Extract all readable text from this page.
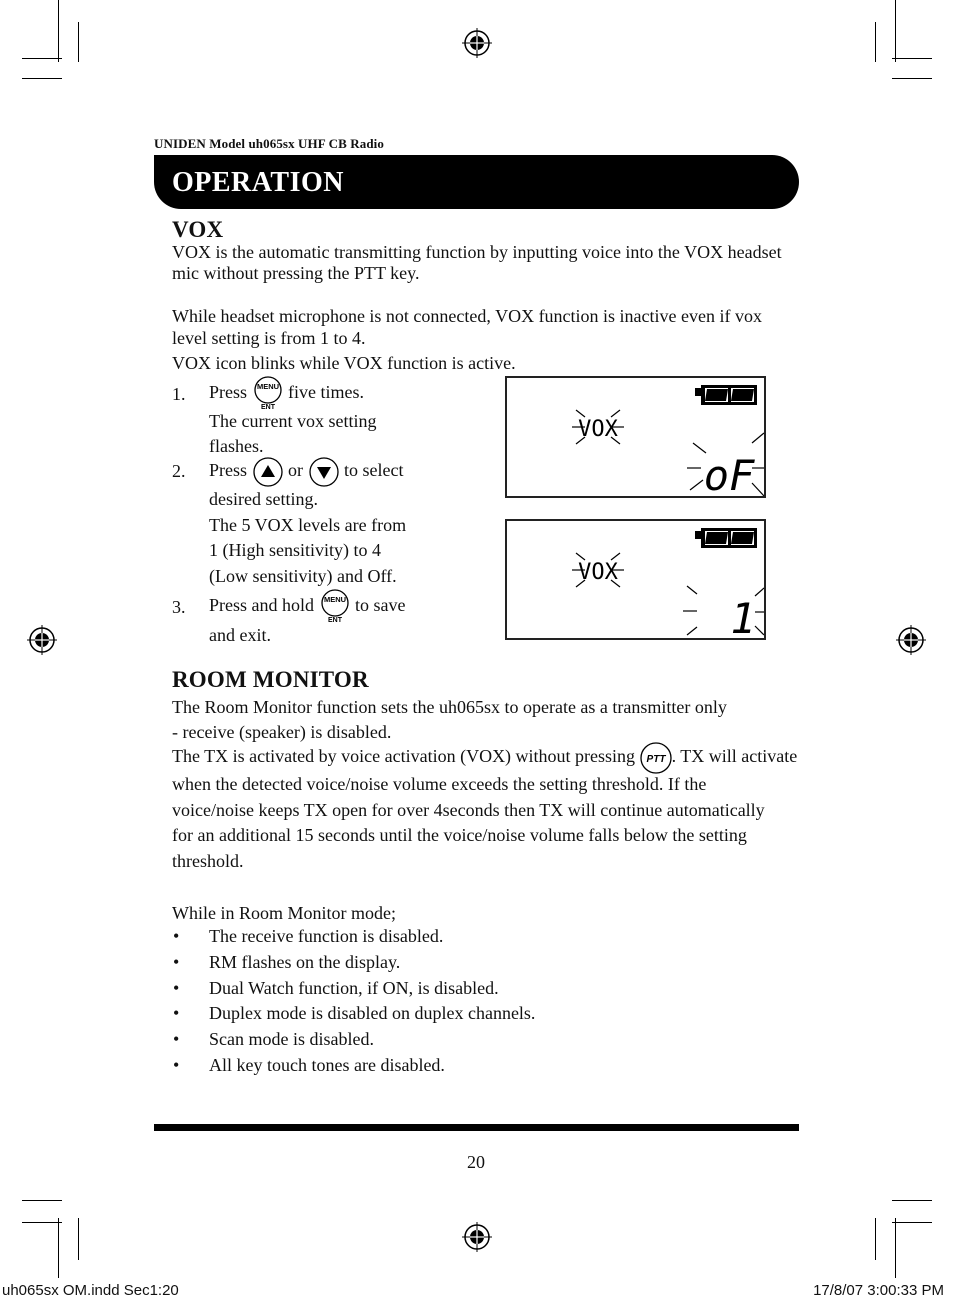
UNIDEN Model uh065sx UHF CB Radio
OPERATION
VOX
VOX is the automatic transmitting function by inputting voice into the VOX headset
mic without pressing the PTT key.
While headset microphone is not connected, VOX function is inactive even if vox
level setting is from 1 to 4.
VOX icon blinks while VOX function is active.
1. Press MENU
ENT
five times.
The current vox setting
flashes.
2. Press or to select
desired setting.
The 5 VOX levels are from
1 (High sensitivity) to 4
(Low sensitivity) and Off.
3. Press and hold MENU
ENT
to save
and exit.
VOX
oF
VOX
1
ROOM MONITOR
The Room Monitor function sets the uh065sx to operate as a transmitter only
- receive (speaker) is disabled.
The TX is activated by voice activation (VOX) without pressing PTT . TX will activate
when the detected voice/noise volume exceeds the setting threshold. If the
voice/noise keeps TX open for over 4seconds then TX will continue automatically
for an additional 15 seconds until the voice/noise volume falls below the setting
threshold.
While in Room Monitor mode;
• The receive function is disabled.
• RM flashes on the display.
• Dual Watch function, if ON, is disabled.
• Duplex mode is disabled on duplex channels.
• Scan mode is disabled.
• All key touch tones are disabled.
20
uh065sx OM.indd Sec1:20	17/8/07 3:00:33 PM
